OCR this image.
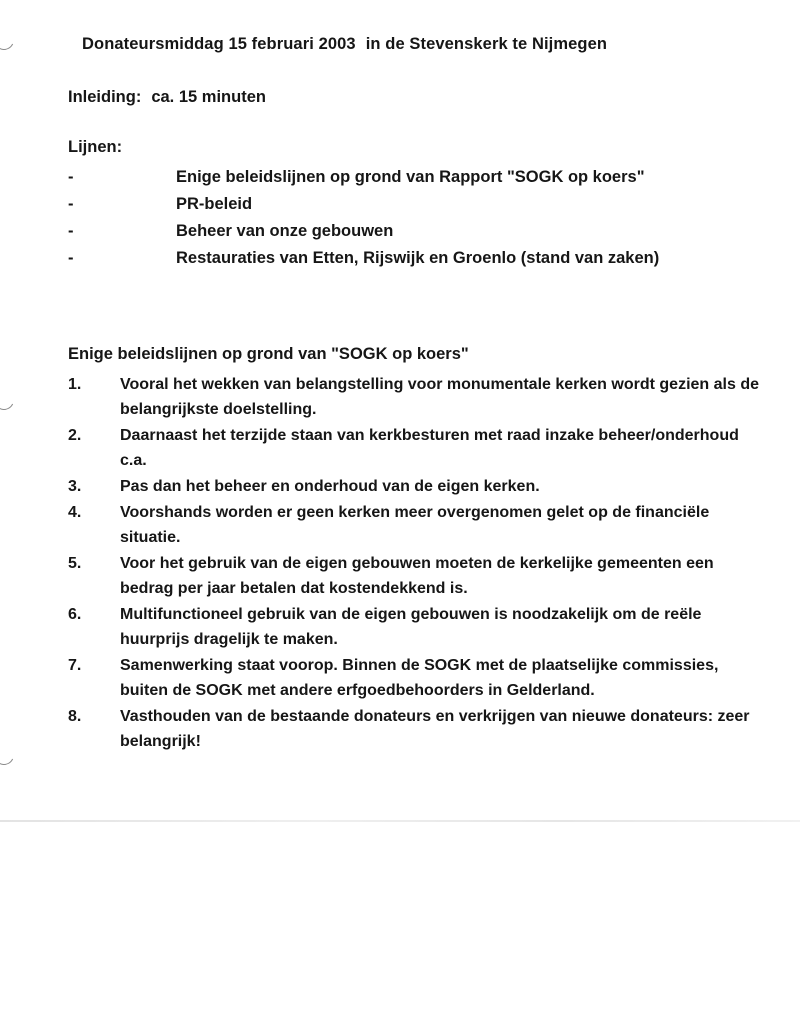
Donateursmiddag 15 februari 2003 in de Stevenskerk te Nijmegen
Inleiding: ca. 15 minuten
Lijnen:
-	Enige beleidslijnen op grond van Rapport "SOGK op koers"
-	PR-beleid
-	Beheer van onze gebouwen
-	Restauraties van Etten, Rijswijk en Groenlo (stand van zaken)
Enige beleidslijnen op grond van "SOGK op koers"
1. Vooral het wekken van belangstelling voor monumentale kerken wordt gezien als de belangrijkste doelstelling.
2. Daarnaast het terzijde staan van kerkbesturen met raad inzake beheer/onderhoud c.a.
3. Pas dan het beheer en onderhoud van de eigen kerken.
4. Voorshands worden er geen kerken meer overgenomen gelet op de financiële situatie.
5. Voor het gebruik van de eigen gebouwen moeten de kerkelijke gemeenten een bedrag per jaar betalen dat kostendekkend is.
6. Multifunctioneel gebruik van de eigen gebouwen is noodzakelijk om de reële huurprijs dragelijk te maken.
7. Samenwerking staat voorop. Binnen de SOGK met de plaatselijke commissies, buiten de SOGK met andere erfgoedbehoorders in Gelderland.
8. Vasthouden van de bestaande donateurs en verkrijgen van nieuwe donateurs: zeer belangrijk!
